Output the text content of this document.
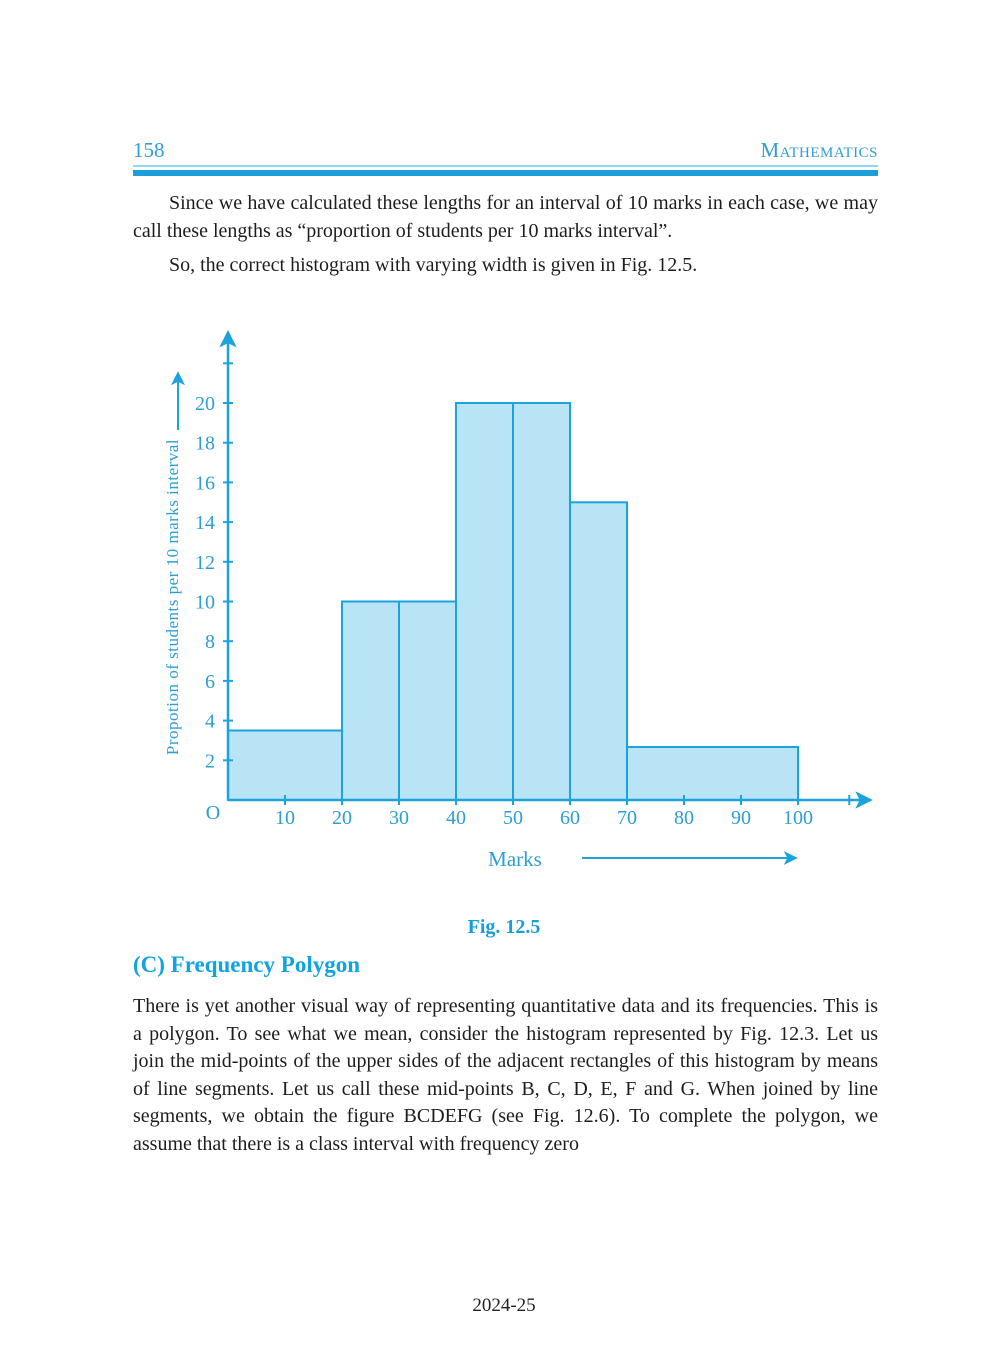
158	Mathematics

Since we have calculated these lengths for an interval of 10 marks in each case, we may call these lengths as “proportion of students per 10 marks interval”.

So, the correct histogram with varying width is given in Fig. 12.5.

10 20 30 40 50 60 70 80 90 100
2
4
6
8
10
12
14
16
18
20
O
Propotion of students per 10 marks interval
Marks
Fig. 12.5
(C) Frequency Polygon

There is yet another visual way of representing quantitative data and its frequencies. This is a polygon. To see what we mean, consider the histogram represented by Fig. 12.3. Let us join the mid-points of the upper sides of the adjacent rectangles of this histogram by means of line segments. Let us call these mid-points B, C, D, E, F and G. When joined by line segments, we obtain the figure BCDEFG (see Fig. 12.6). To complete the polygon, we assume that there is a class interval with frequency zero

2024-25
